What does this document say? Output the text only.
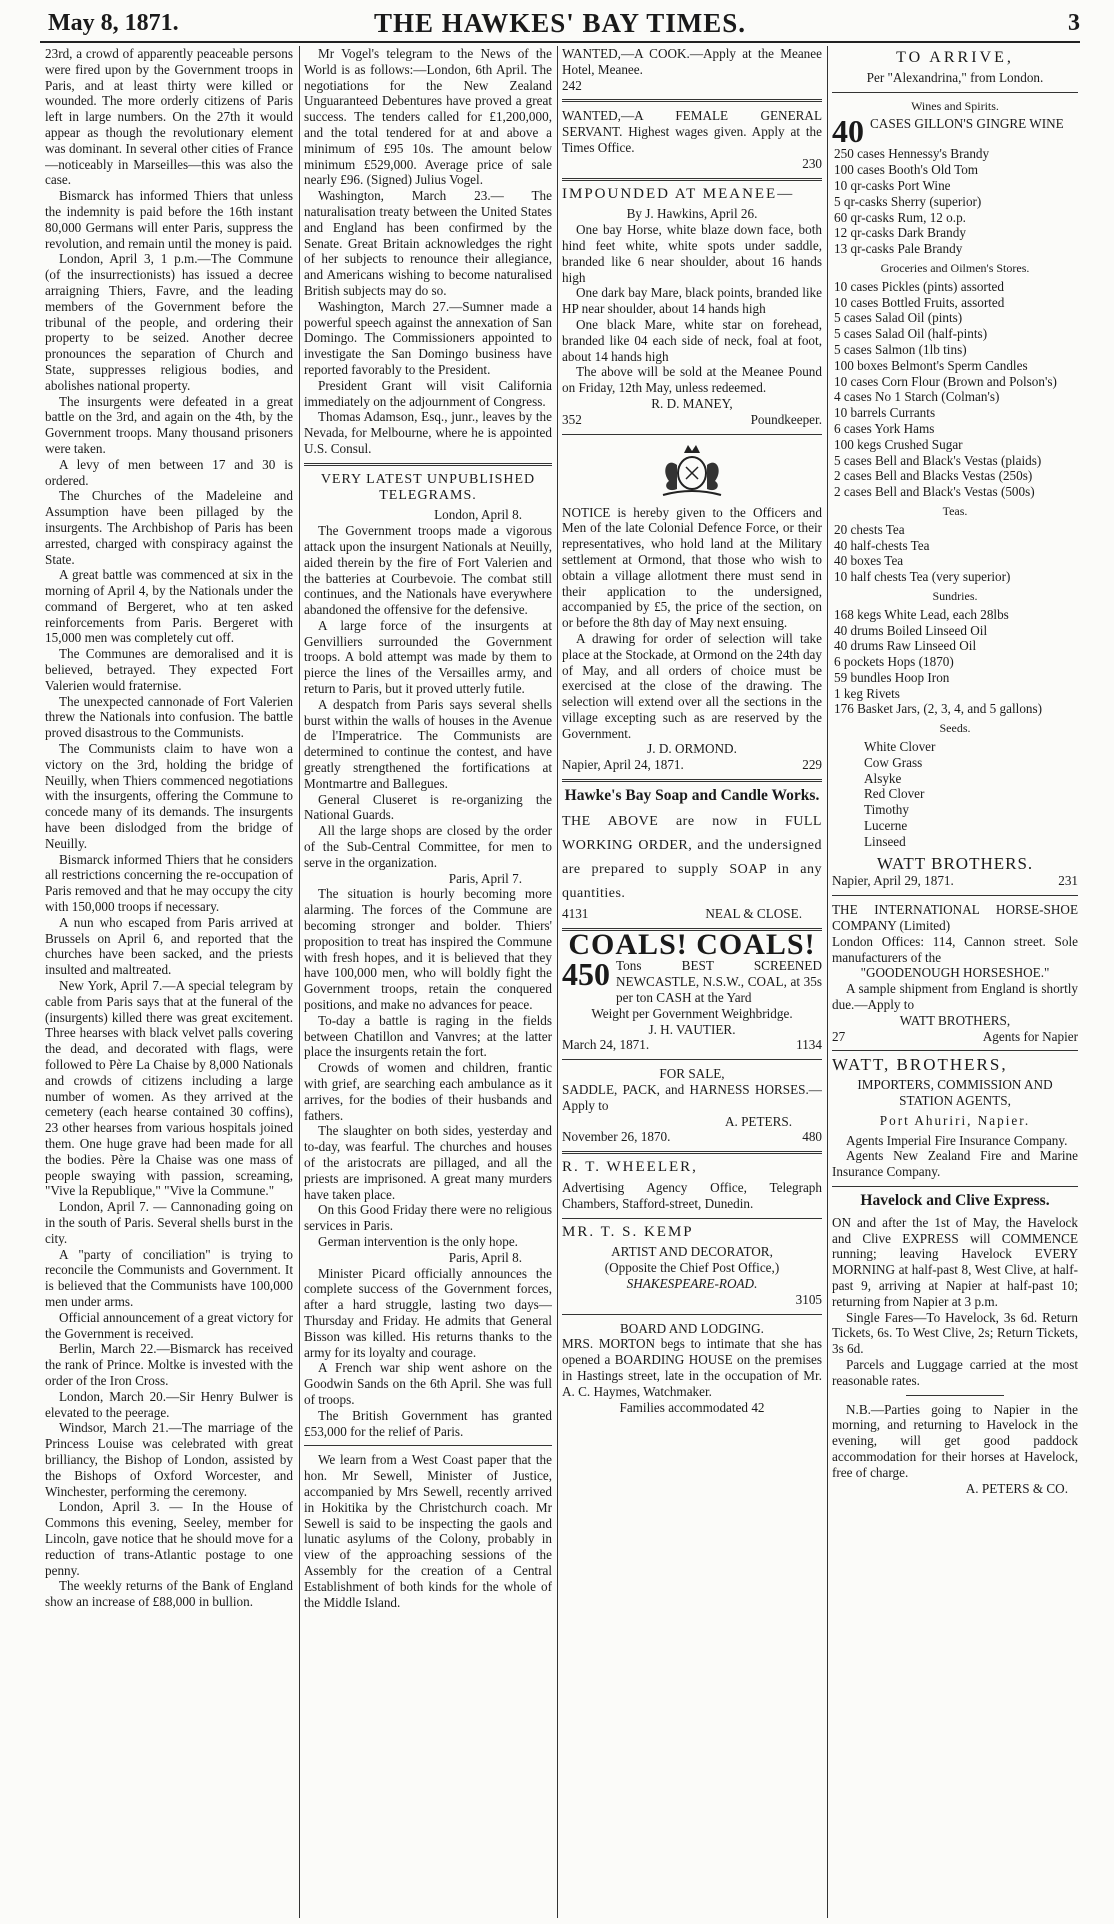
May 8, 1871.	THE HAWKES' BAY TIMES.	3

23rd, a crowd of apparently peaceable persons were fired upon by the Government troops in Paris, and at least thirty were killed or wounded. The more orderly citizens of Paris left in large numbers. On the 27th it would appear as though the revolutionary element was dominant. In several other cities of France—noticeably in Marseilles—this was also the case.

Bismarck has informed Thiers that unless the indemnity is paid before the 16th instant 80,000 Germans will enter Paris, suppress the revolution, and remain until the money is paid.

London, April 3, 1 p.m.—The Commune (of the insurrectionists) has issued a decree arraigning Thiers, Favre, and the leading members of the Government before the tribunal of the people, and ordering their property to be seized. Another decree pronounces the separation of Church and State, suppresses religious bodies, and abolishes national property.

The insurgents were defeated in a great battle on the 3rd, and again on the 4th, by the Government troops. Many thousand prisoners were taken.

A levy of men between 17 and 30 is ordered.

The Churches of the Madeleine and Assumption have been pillaged by the insurgents. The Archbishop of Paris has been arrested, charged with conspiracy against the State.

A great battle was commenced at six in the morning of April 4, by the Nationals under the command of Bergeret, who at ten asked reinforcements from Paris. Bergeret with 15,000 men was completely cut off.

The Communes are demoralised and it is believed, betrayed. They expected Fort Valerien would fraternise.

The unexpected cannonade of Fort Valerien threw the Nationals into confusion. The battle proved disastrous to the Communists.

The Communists claim to have won a victory on the 3rd, holding the bridge of Neuilly, when Thiers commenced negotiations with the insurgents, offering the Commune to concede many of its demands. The insurgents have been dislodged from the bridge of Neuilly.

Bismarck informed Thiers that he considers all restrictions concerning the re-occupation of Paris removed and that he may occupy the city with 150,000 troops if necessary.

A nun who escaped from Paris arrived at Brussels on April 6, and reported that the churches have been sacked, and the priests insulted and maltreated.

New York, April 7.—A special telegram by cable from Paris says that at the funeral of the (insurgents) killed there was great excitement. Three hearses with black velvet palls covering the dead, and decorated with flags, were followed to Père La Chaise by 8,000 Nationals and crowds of citizens including a large number of women. As they arrived at the cemetery (each hearse contained 30 coffins), 23 other hearses from various hospitals joined them. One huge grave had been made for all the bodies. Père la Chaise was one mass of people swaying with passion, screaming, "Vive la Republique," "Vive la Commune."

London, April 7. — Cannonading going on in the south of Paris. Several shells burst in the city.

A "party of conciliation" is trying to reconcile the Communists and Government. It is believed that the Communists have 100,000 men under arms.

Official announcement of a great victory for the Government is received.

Berlin, March 22.—Bismarck has received the rank of Prince. Moltke is invested with the order of the Iron Cross.

London, March 20.—Sir Henry Bulwer is elevated to the peerage.

Windsor, March 21.—The marriage of the Princess Louise was celebrated with great brilliancy, the Bishop of London, assisted by the Bishops of Oxford Worcester, and Winchester, performing the ceremony.

London, April 3. — In the House of Commons this evening, Seeley, member for Lincoln, gave notice that he should move for a reduction of trans-Atlantic postage to one penny.

The weekly returns of the Bank of England show an increase of £88,000 in bullion.

Mr Vogel's telegram to the News of the World is as follows:—London, 6th April. The negotiations for the New Zealand Unguaranteed Debentures have proved a great success. The tenders called for £1,200,000, and the total tendered for at and above a minimum of £95 10s. The amount below minimum £529,000. Average price of sale nearly £96. (Signed) Julius Vogel.

Washington, March 23.— The naturalisation treaty between the United States and England has been confirmed by the Senate. Great Britain acknowledges the right of her subjects to renounce their allegiance, and Americans wishing to become naturalised British subjects may do so.

Washington, March 27.—Sumner made a powerful speech against the annexation of San Domingo. The Commissioners appointed to investigate the San Domingo business have reported favorably to the President.

President Grant will visit California immediately on the adjournment of Congress.

Thomas Adamson, Esq., junr., leaves by the Nevada, for Melbourne, where he is appointed U.S. Consul.

VERY LATEST UNPUBLISHED TELEGRAMS.
London, April 8.

The Government troops made a vigorous attack upon the insurgent Nationals at Neuilly, aided therein by the fire of Fort Valerien and the batteries at Courbevoie. The combat still continues, and the Nationals have everywhere abandoned the offensive for the defensive.

A large force of the insurgents at Genvilliers surrounded the Government troops. A bold attempt was made by them to pierce the lines of the Versailles army, and return to Paris, but it proved utterly futile.

A despatch from Paris says several shells burst within the walls of houses in the Avenue de l'Imperatrice. The Communists are determined to continue the contest, and have greatly strengthened the fortifications at Montmartre and Ballegues.

General Cluseret is re-organizing the National Guards.

All the large shops are closed by the order of the Sub-Central Committee, for men to serve in the organization.

Paris, April 7.

The situation is hourly becoming more alarming. The forces of the Commune are becoming stronger and bolder. Thiers' proposition to treat has inspired the Commune with fresh hopes, and it is believed that they have 100,000 men, who will boldly fight the Government troops, retain the conquered positions, and make no advances for peace.

To-day a battle is raging in the fields between Chatillon and Vanvres; at the latter place the insurgents retain the fort.

Crowds of women and children, frantic with grief, are searching each ambulance as it arrives, for the bodies of their husbands and fathers.

The slaughter on both sides, yesterday and to-day, was fearful. The churches and houses of the aristocrats are pillaged, and all the priests are imprisoned. A great many murders have taken place.

On this Good Friday there were no religious services in Paris.

German intervention is the only hope.

Paris, April 8.

Minister Picard officially announces the complete success of the Government forces, after a hard struggle, lasting two days—Thursday and Friday. He admits that General Bisson was killed. His returns thanks to the army for its loyalty and courage.

A French war ship went ashore on the Goodwin Sands on the 6th April. She was full of troops.

The British Government has granted £53,000 for the relief of Paris.

We learn from a West Coast paper that the hon. Mr Sewell, Minister of Justice, accompanied by Mrs Sewell, recently arrived in Hokitika by the Christchurch coach. Mr Sewell is said to be inspecting the gaols and lunatic asylums of the Colony, probably in view of the approaching sessions of the Assembly for the creation of a Central Establishment of both kinds for the whole of the Middle Island.

WANTED,—A COOK.—Apply at the Meanee Hotel, Meanee.

242

WANTED,—A FEMALE GENERAL SERVANT. Highest wages given. Apply at the Times Office.

230
IMPOUNDED AT MEANEE—
By J. Hawkins, April 26.

One bay Horse, white blaze down face, both hind feet white, white spots under saddle, branded like 6 near shoulder, about 16 hands high

One dark bay Mare, black points, branded like HP near shoulder, about 14 hands high

One black Mare, white star on forehead, branded like 04 each side of neck, foal at foot, about 14 hands high

The above will be sold at the Meanee Pound on Friday, 12th May, unless redeemed.

R. D. MANEY,
352	Poundkeeper.

NOTICE is hereby given to the Officers and Men of the late Colonial Defence Force, or their representatives, who hold land at the Military settlement at Ormond, that those who wish to obtain a village allotment there must send in their application to the undersigned, accompanied by £5, the price of the section, on or before the 8th day of May next ensuing.

A drawing for order of selection will take place at the Stockade, at Ormond on the 24th day of May, and all orders of choice must be exercised at the close of the drawing. The selection will extend over all the sections in the village excepting such as are reserved by the Government.

J. D. ORMOND.
Napier, April 24, 1871.	229
Hawke's Bay Soap and Candle Works.

THE ABOVE are now in FULL WORKING ORDER, and the undersigned are prepared to supply SOAP in any quantities.

4131	NEAL & CLOSE.
COALS! COALS!
450 Tons BEST SCREENED NEWCASTLE, N.S.W., COAL, at 35s per ton CASH at the Yard
Weight per Government Weighbridge.
J. H. VAUTIER.
March 24, 1871.	1134
FOR SALE,

SADDLE, PACK, and HARNESS HORSES.—Apply to

A. PETERS.
November 26, 1870.	480
R. T. WHEELER,

Advertising Agency Office, Telegraph Chambers, Stafford-street, Dunedin.

MR. T. S. KEMP
ARTIST AND DECORATOR,
(Opposite the Chief Post Office,)
SHAKESPEARE-ROAD.
3105
BOARD AND LODGING.

MRS. MORTON begs to intimate that she has opened a BOARDING HOUSE on the premises in Hastings street, late in the occupation of Mr. A. C. Haymes, Watchmaker.

Families accommodated 42
TO ARRIVE,
Per "Alexandrina," from London.
Wines and Spirits.
40 CASES GILLON'S GINGRE WINE
250 cases Hennessy's Brandy
100 cases Booth's Old Tom
10 qr-casks Port Wine
5 qr-casks Sherry (superior)
60 qr-casks Rum, 12 o.p.
12 qr-casks Dark Brandy
13 qr-casks Pale Brandy
Groceries and Oilmen's Stores.
10 cases Pickles (pints) assorted
10 cases Bottled Fruits, assorted
5 cases Salad Oil (pints)
5 cases Salad Oil (half-pints)
5 cases Salmon (1lb tins)
100 boxes Belmont's Sperm Candles
10 cases Corn Flour (Brown and Polson's)
4 cases No 1 Starch (Colman's)
10 barrels Currants
6 cases York Hams
100 kegs Crushed Sugar
5 cases Bell and Black's Vestas (plaids)
2 cases Bell and Blacks Vestas (250s)
2 cases Bell and Black's Vestas (500s)
Teas.
20 chests Tea
40 half-chests Tea
40 boxes Tea
10 half chests Tea (very superior)
Sundries.
168 kegs White Lead, each 28lbs
40 drums Boiled Linseed Oil
40 drums Raw Linseed Oil
6 pockets Hops (1870)
59 bundles Hoop Iron
1 keg Rivets
176 Basket Jars, (2, 3, 4, and 5 gallons)
Seeds.
White Clover
Cow Grass
Alsyke
Red Clover
Timothy
Lucerne
Linseed
WATT BROTHERS.
Napier, April 29, 1871.	231

THE INTERNATIONAL HORSE-SHOE COMPANY (Limited)

London Offices: 114, Cannon street. Sole manufacturers of the

"GOODENOUGH HORSESHOE."

A sample shipment from England is shortly due.—Apply to

WATT BROTHERS,
27	Agents for Napier
WATT, BROTHERS,
IMPORTERS, COMMISSION AND STATION AGENTS,
Port Ahuriri, Napier.

Agents Imperial Fire Insurance Company.

Agents New Zealand Fire and Marine Insurance Company.

Havelock and Clive Express.

ON and after the 1st of May, the Havelock and Clive EXPRESS will COMMENCE running; leaving Havelock EVERY MORNING at half-past 8, West Clive, at half-past 9, arriving at Napier at half-past 10; returning from Napier at 3 p.m.

Single Fares—To Havelock, 3s 6d. Return Tickets, 6s. To West Clive, 2s; Return Tickets, 3s 6d.

Parcels and Luggage carried at the most reasonable rates.

N.B.—Parties going to Napier in the morning, and returning to Havelock in the evening, will get good paddock accommodation for their horses at Havelock, free of charge.

A. PETERS & CO.
